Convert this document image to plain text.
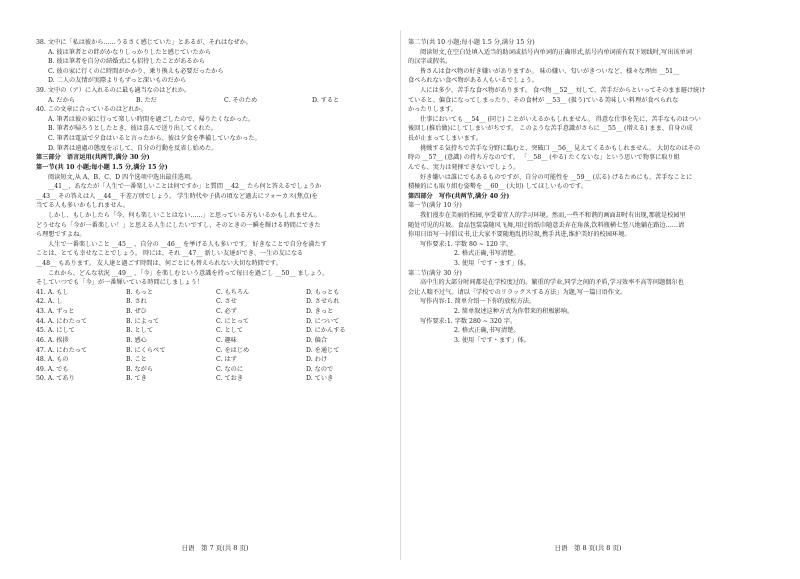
38. 文中に「私は彼から……うるさく感じていた」とあるが、それはなぜか。
A. 彼は筆者との絆がかなりしっかりしたと感じていたから
B. 彼は筆者を自分の結婚式にも招待したことがあるから
C. 彼の家に行くのに時間がかかり、乗り換えも必要だったから
D. 二人の友情が実際よりもずっと深いものだから
39. 文中の（ア）に入れるのに最も適当なのはどれか。
A. だから	B. ただ	C. そのため	D. すると
40. この文章に合っているのはどれか。
A. 筆者は彼の家に行って楽しい時間を過ごしたので、帰りたくなかった。
B. 筆者が帰ろうとしたとき、彼は喜んで送り出してくれた。
C. 筆者は電話で夕食はいると言ったから、彼は夕食を準備していなかった。
D. 筆者は遠慮の態度を示して、自分の行動を反省し始めた。
第三部分　语言运用(共两节,满分 30 分)
第一节(共 10 小题;每小题 1.5 分,满分 15 分)
阅读短文,从 A、B、C、D 四个选项中选出最佳选项。
__41__、あなたが「人生で一番楽しいことは何ですか」と質問 __42__ たら何と答えるでしょうか
__43__ その答えは人 __44__ 千差万別でしょう。 学生時代や子供の頃など過去にフォーカス(焦点)を
当てる人も多いかもしれません。
しかし、もしかしたら「今、何も楽しいことはない……」と思っている方もいるかもしれません。
どうせなら「今が一番楽しい！」と思える人生にしたいですし、そのときの一瞬を輝ける時間にできた
ら理想ですよね。
人生で一番楽しいこと __45__ 、自分の __46__ を挙げる人も多いです。 好きなことで自分を満たす
ことは、とても幸せなことでしょう。 時には、それ __47__ 新しい友達ができ、一生の友になる
__48__ もあります。 友人達と過ごす時間は、何ごとにも替えられない大切な時間です。
これから、どんな状況 __49__ 、「今」を楽しむという意識を持って毎日を過ごし __50__ ましょう。
そしていつでも「今」が一番輝いている時間にしましょう！
41. A. もし	B. もっと	C. もちろん	D. もっとも
42. A. し	B. され	C. させ	D. させられ
43. A. ずっと	B. ぜひ	C. 必ず	D. きっと
44. A. にわたって	B. によって	C. にとって	D. について
45. A. にして	B. として	C. として	D. にかんする
46. A. 挨拶	B. 感心	C. 趣味	D. 偏合
47. A. にわたって	B. にくらべて	C. をはじめ	D. を通じて
48. A. もの	B. こと	C. はず	D. わけ
49. A. でも	B. ながら	C. なのに	D. なので
50. A. てあり	B. てき	C. ておき	D. ていき
日语　第 7 页(共 8 页)
第二节(共 10 小题;每小题 1.5 分,满分 15 分)
阅读短文,在空白处填入适当的助词或括号内单词的正确形式,括号内单词前有双下划线时,写出该单词
的汉字或假名。
皆さんは食べ物の好き嫌いがありますか。 味の嫌い、匂いがきついなど、様々な理由 __51__
食べられない食べ物がある人もいるでしょう。
人には多少、苦手な食べ物があります。 食べ物 __52__ 対して、苦手だからといってそのまま避け続け
ていると、偏食になってしまったり、その食材が __53__ (扱う)ている美味しい料理が食べられな
かったりします。
仕事においても __54__ (同じ) ことがいえるかもしれません。 得意な仕事を先に、苦手なものはつい
後回し(推后做)にしてしまいがちです。 このような苦手意識がさらに __55__ (増える) まま、自身の成
長が止まってしまいます。
挑戦する気持ちで苦手な分野に臨むと、突破口 __56__ 見えてくるかもしれません。 大切なのはその
時の __57__ (意識) の持ち方なのです。 「__58__ (やる) たくないな」という思いで物事に取り組
んでも、実力は発揮できないでしょう。
好き嫌いは誰にでもあるものですが、自分の可能性を __59__ (広る) げるためにも、苦手なことに
積極的にも取り組む姿勢を __60__ (大切) してほしいものです。
第四部分　写作(共两节,满分 40 分)
第一节(满分 10 分)
我们漫步在美丽的校园,享受着宜人的学习环境。然而,一些不和谐的画面却时有出现,那就是校园里
随处可见的垃圾。食品包装袋随风飞舞,用过的纸巾随意丢弃在角落,饮料瓶横七竖八地躺在路边……请
你用日语写一封倡议书,让大家不要随地乱扔垃圾,携手共进,维护美好的校园环境。
写作要求:1. 字数 80 ~ 120 字。
2. 格式正确,书写清楚。
3. 使用「です・ます」体。
第二节(满分 30 分)
高中生的大部分时间都是在学校度过的。繁重的学业,同学之间的矛盾,学习效率不高等问题偶尔也
会让人喘不过气。请以「学校でのリラックスする方法」为题,写一篇日语作文。
写作内容:1. 简单介绍一下你的放松方法。
2. 简单叙述这种方式为你带来的积极影响。
写作要求:1. 字数 280 ~ 320 字。
2. 格式正确,书写清楚。
3. 使用「です・ます」体。
日语　第 8 页(共 8 页)
